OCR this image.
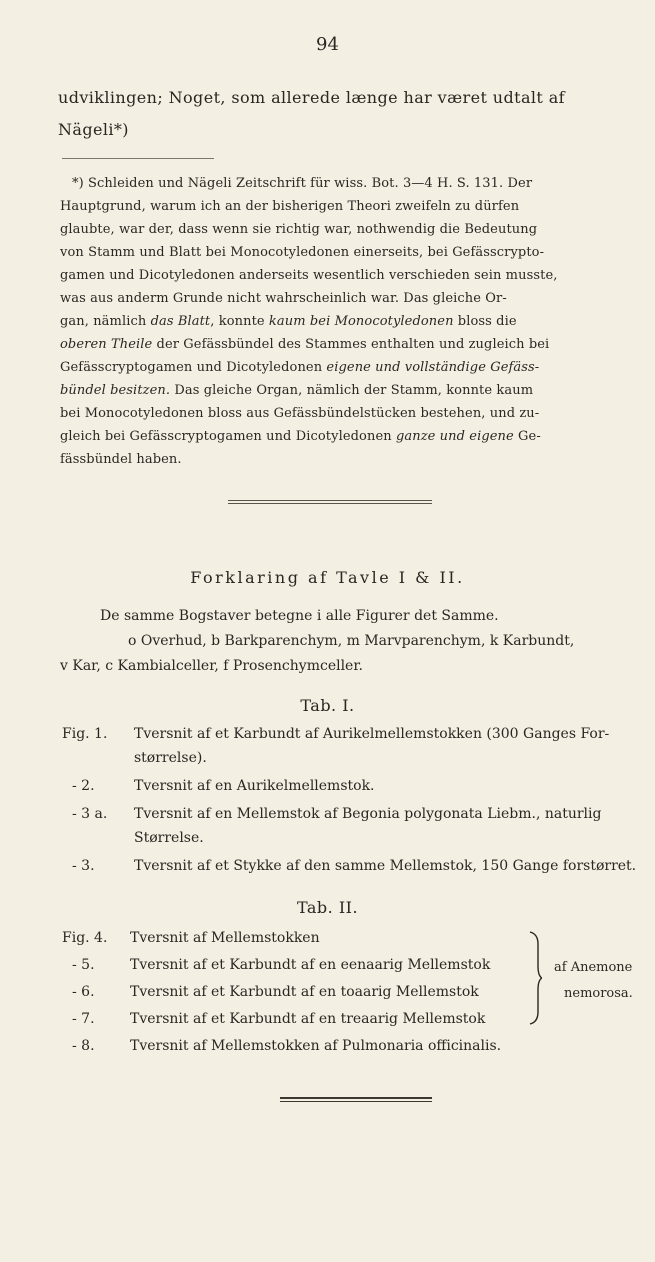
94
udviklingen; Noget, som allerede længe har været udtalt af
Nägeli*)
*) Schleiden und Nägeli Zeitschrift für wiss. Bot. 3—4 H. S. 131. Der
Hauptgrund, warum ich an der bisherigen Theori zweifeln zu dürfen
glaubte, war der, dass wenn sie richtig war, nothwendig die Bedeutung
von Stamm und Blatt bei Monocotyledonen einerseits, bei Gefässcrypto-
gamen und Dicotyledonen anderseits wesentlich verschieden sein musste,
was aus anderm Grunde nicht wahrscheinlich war. Das gleiche Or-
gan, nämlich das Blatt, konnte kaum bei Monocotyledonen bloss die
oberen Theile der Gefässbündel des Stammes enthalten und zugleich bei
Gefässcryptogamen und Dicotyledonen eigene und vollständige Gefäss-
bündel besitzen. Das gleiche Organ, nämlich der Stamm, konnte kaum
bei Monocotyledonen bloss aus Gefässbündelstücken bestehen, und zu-
gleich bei Gefässcryptogamen und Dicotyledonen ganze und eigene Ge-
fässbündel haben.
Forklaring af Tavle I & II.
De samme Bogstaver betegne i alle Figurer det Samme.
o Overhud, b Barkparenchym, m Marvparenchym, k Karbundt,
v Kar, c Kambialceller, f Prosenchymceller.
Tab. I.
Fig. 1. Tversnit af et Karbundt af Aurikelmellemstokken (300 Ganges For-
størrelse).
- 2.	Tversnit af en Aurikelmellemstok.
- 3 a. Tversnit af en Mellemstok af Begonia polygonata Liebm., naturlig
Størrelse.
- 3.	Tversnit af et Stykke af den samme Mellemstok, 150 Gange forstørret.
Tab. II.
Fig. 4. Tversnit af Mellemstokken
- 5.	Tversnit af et Karbundt af en eenaarig Mellemstok
- 6.	Tversnit af et Karbundt af en toaarig Mellemstok
- 7.	Tversnit af et Karbundt af en treaarig Mellemstok
- 8.	Tversnit af Mellemstokken af Pulmonaria officinalis.
af Anemone
nemorosa.
